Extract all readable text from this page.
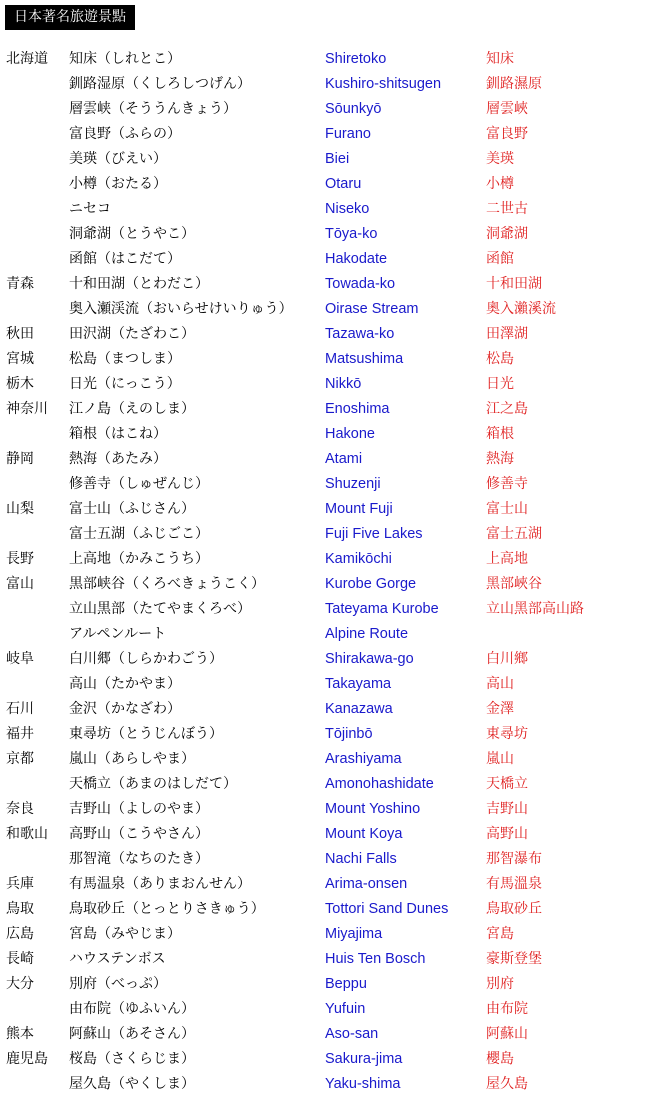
日本著名旅遊景點
北海道 知床（しれとこ）	Shiretoko	知床
釧路湿原（くしろしつげん）	Kushiro-shitsugen	釧路濕原
層雲峡（そううんきょう）	Sōunkyō	層雲峽
富良野（ふらの）	Furano	富良野
美瑛（びえい）	Biei	美瑛
小樽（おたる）	Otaru	小樽
ニセコ	Niseko	二世古
洞爺湖（とうやこ）	Tōya-ko	洞爺湖
函館（はこだて）	Hakodate	函館
青森	十和田湖（とわだこ）	Towada-ko	十和田湖
奥入瀬渓流（おいらせけいりゅう） Oirase Stream	奧入瀨溪流
秋田	田沢湖（たざわこ）	Tazawa-ko	田澤湖
宮城	松島（まつしま）	Matsushima	松島
栃木	日光（にっこう）	Nikkō	日光
神奈川 江ノ島（えのしま）	Enoshima	江之島
箱根（はこね）	Hakone	箱根
静岡	熱海（あたみ）	Atami	熱海
修善寺（しゅぜんじ）	Shuzenji	修善寺
山梨	富士山（ふじさん）	Mount Fuji	富士山
富士五湖（ふじごこ）	Fuji Five Lakes	富士五湖
長野	上高地（かみこうち）	Kamikōchi	上高地
富山	黒部峡谷（くろべきょうこく）	Kurobe Gorge	黑部峽谷
立山黒部（たてやまくろべ）	Tateyama Kurobe	立山黑部高山路
アルペンルート	Alpine Route
岐阜	白川郷（しらかわごう）	Shirakawa-go	白川鄉
高山（たかやま）	Takayama	高山
石川	金沢（かなざわ）	Kanazawa	金澤
福井	東尋坊（とうじんぼう）	Tōjinbō	東尋坊
京都	嵐山（あらしやま）	Arashiyama	嵐山
天橋立（あまのはしだて）	Amonohashidate	天橋立
奈良	吉野山（よしのやま）	Mount Yoshino	吉野山
和歌山 高野山（こうやさん）	Mount Koya	高野山
那智滝（なちのたき）	Nachi Falls	那智瀑布
兵庫	有馬温泉（ありまおんせん）	Arima-onsen	有馬溫泉
鳥取	鳥取砂丘（とっとりさきゅう）	Tottori Sand Dunes	鳥取砂丘
広島	宮島（みやじま）	Miyajima	宮島
長崎	ハウステンボス	Huis Ten Bosch	豪斯登堡
大分	別府（べっぷ）	Beppu	別府
由布院（ゆふいん）	Yufuin	由布院
熊本	阿蘇山（あそさん）	Aso-san	阿蘇山
鹿児島 桜島（さくらじま）	Sakura-jima	櫻島
屋久島（やくしま）	Yaku-shima	屋久島
